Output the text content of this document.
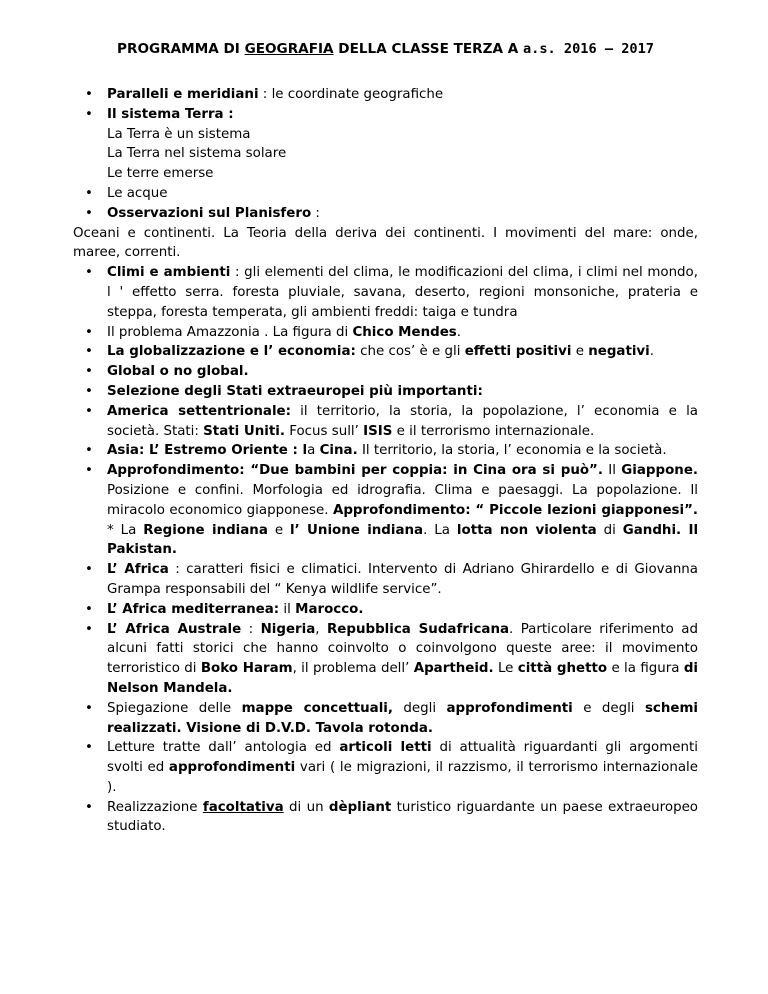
PROGRAMMA DI GEOGRAFIA DELLA CLASSE TERZA A a.s. 2016 – 2017
• Paralleli e meridiani : le coordinate geografiche
• Il sistema Terra :
La Terra è un sistema
La Terra nel sistema solare
Le terre emerse
• Le acque
• Osservazioni sul Planisfero :
Oceani e continenti. La Teoria della deriva dei continenti. I movimenti del mare: onde, maree, correnti.
• Climi e ambienti : gli elementi del clima, le modificazioni del clima, i climi nel mondo, l ' effetto serra. foresta pluviale, savana, deserto, regioni monsoniche, prateria e steppa, foresta temperata, gli ambienti freddi: taiga e tundra
• Il problema Amazzonia . La figura di Chico Mendes.
• La globalizzazione e l’ economia: che cos’ è e gli effetti positivi e negativi.
• Global o no global.
• Selezione degli Stati extraeuropei più importanti:
• America settentrionale: il territorio, la storia, la popolazione, l’ economia e la società. Stati: Stati Uniti. Focus sull’ ISIS e il terrorismo internazionale.
• Asia: L’ Estremo Oriente : la Cina. Il territorio, la storia, l’ economia e la società.
• Approfondimento: “Due bambini per coppia: in Cina ora si può”. Il Giappone. Posizione e confini. Morfologia ed idrografia. Clima e paesaggi. La popolazione. Il miracolo economico giapponese. Approfondimento: “ Piccole lezioni giapponesi”. * La Regione indiana e l’ Unione indiana. La lotta non violenta di Gandhi. Il Pakistan.
• L’ Africa : caratteri fisici e climatici. Intervento di Adriano Ghirardello e di Giovanna Grampa responsabili del “ Kenya wildlife service”.
• L’ Africa mediterranea: il Marocco.
• L’ Africa Australe : Nigeria, Repubblica Sudafricana. Particolare riferimento ad alcuni fatti storici che hanno coinvolto o coinvolgono queste aree: il movimento terroristico di Boko Haram, il problema dell’ Apartheid. Le città ghetto e la figura di Nelson Mandela.
• Spiegazione delle mappe concettuali, degli approfondimenti e degli schemi realizzati. Visione di D.V.D. Tavola rotonda.
• Letture tratte dall’ antologia ed articoli letti di attualità riguardanti gli argomenti svolti ed approfondimenti vari ( le migrazioni, il razzismo, il terrorismo internazionale ).
• Realizzazione facoltativa di un dèpliant turistico riguardante un paese extraeuropeo studiato.
